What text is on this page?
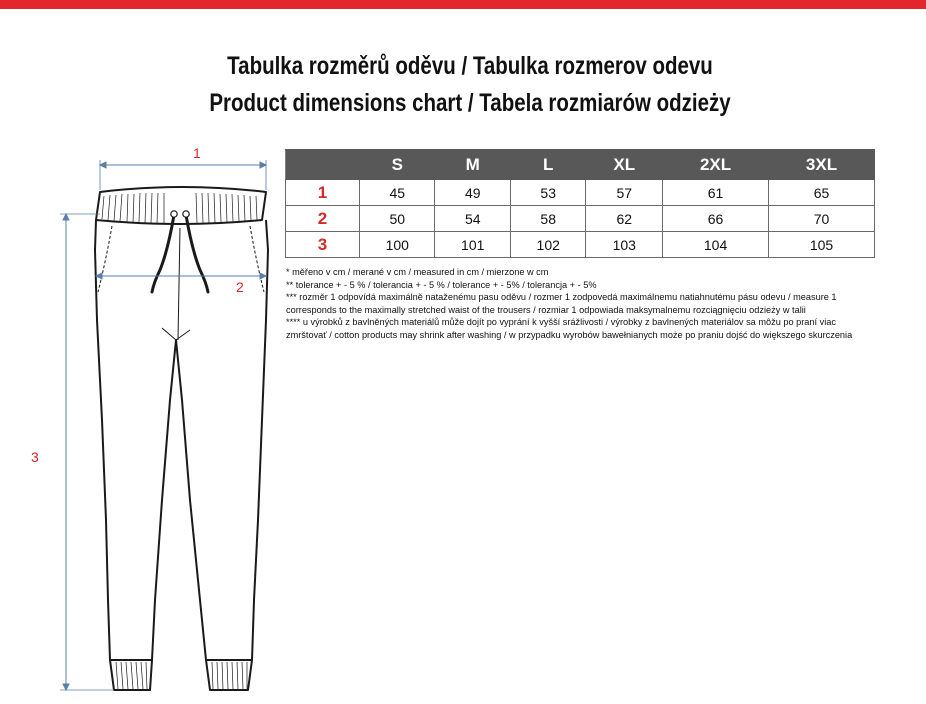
Tabulka rozměrů oděvu / Tabulka rozmerov odevu
Product dimensions chart / Tabela rozmiarów odzieży
1
2
3
	S	M	L	XL	2XL	3XL
1	45	49	53	57	61	65
2	50	54	58	62	66	70
3	100	101	102	103	104	105
* měřeno v cm / merané v cm / measured in cm / mierzone w cm
** tolerance + - 5 % / tolerancia + - 5 % / tolerance + - 5% / tolerancja + - 5%
*** rozměr 1 odpovídá maximálně nataženému pasu oděvu / rozmer 1 zodpovedá maximálnemu natiahnutému pásu odevu / measure 1 corresponds to the maximally stretched waist of the trousers / rozmiar 1 odpowiada maksymalnemu rozciągnięciu odzieży w talii
**** u výrobků z bavlněných materiálů může dojít po vyprání k vyšší srážlivosti / výrobky z bavlnených materiálov sa môžu po praní viac zmrštovať / cotton products may shrink after washing / w przypadku wyrobów bawełnianych może po praniu dojść do większego skurczenia
